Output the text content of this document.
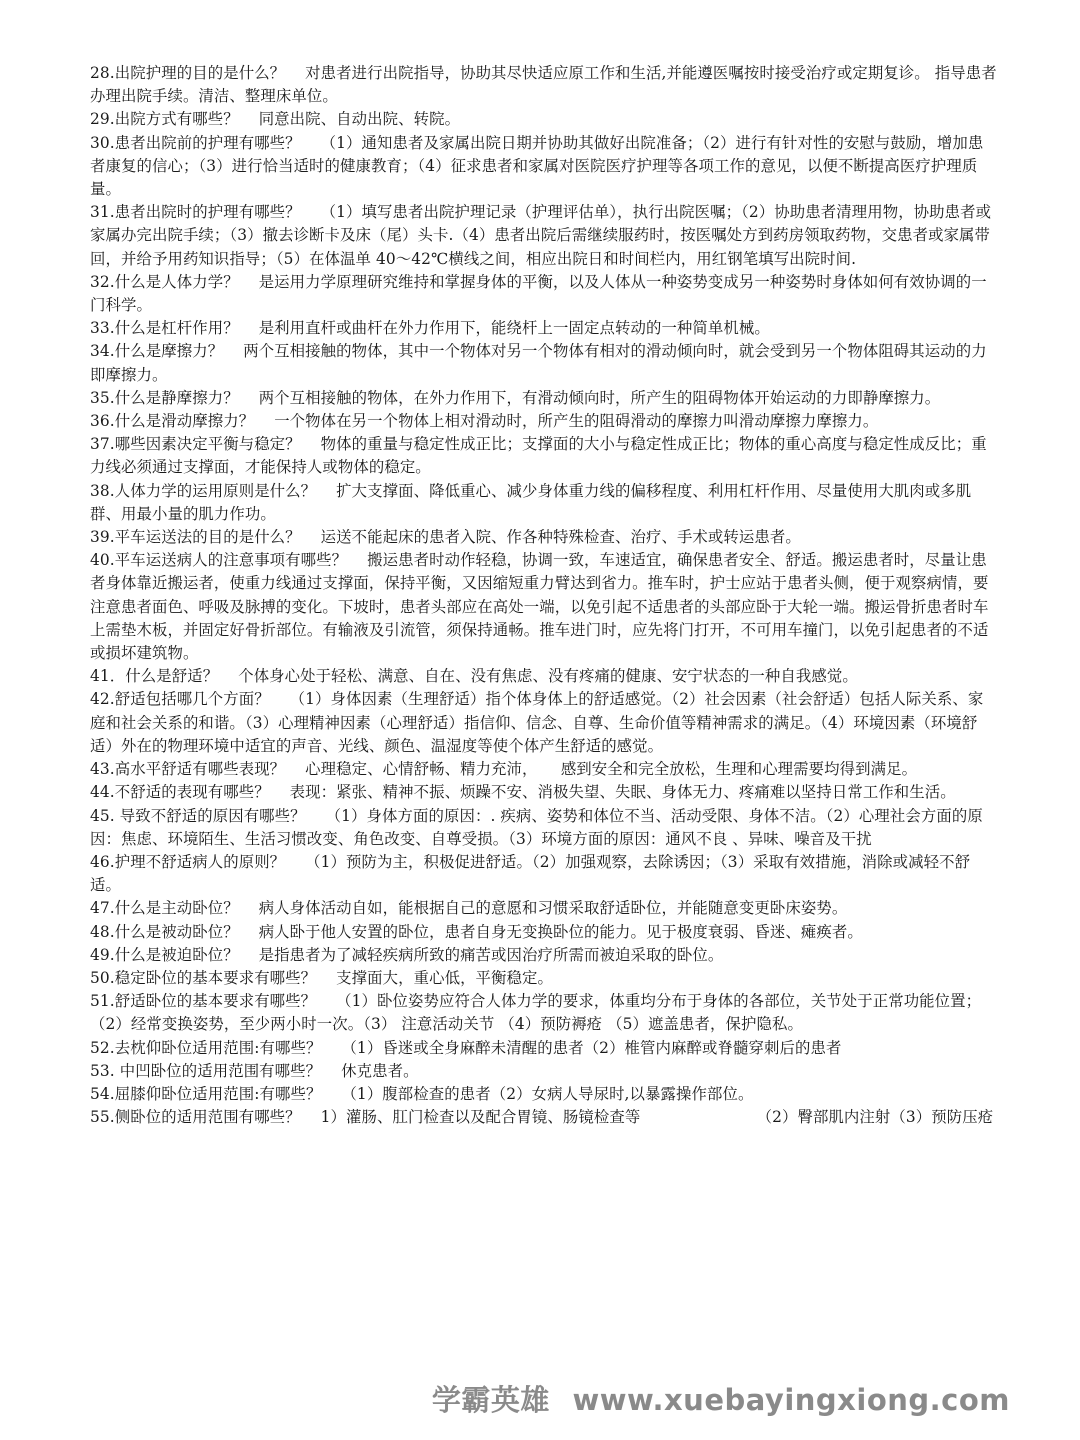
28.出院护理的目的是什么？ 对患者进行出院指导，协助其尽快适应原工作和生活,并能遵医嘱按时接受治疗或定期复诊。 指导患者办理出院手续。清洁、整理床单位。

29.出院方式有哪些？ 同意出院、自动出院、转院。

30.患者出院前的护理有哪些？ （1）通知患者及家属出院日期并协助其做好出院准备；（2）进行有针对性的安慰与鼓励，增加患者康复的信心；（3）进行恰当适时的健康教育；（4）征求患者和家属对医院医疗护理等各项工作的意见，以便不断提高医疗护理质量。

31.患者出院时的护理有哪些？ （1）填写患者出院护理记录（护理评估单），执行出院医嘱；（2）协助患者清理用物，协助患者或家属办完出院手续；（3）撤去诊断卡及床（尾）头卡.（4）患者出院后需继续服药时，按医嘱处方到药房领取药物，交患者或家属带回，并给予用药知识指导；（5）在体温单 40～42℃横线之间，相应出院日和时间栏内，用红钢笔填写出院时间.

32.什么是人体力学？ 是运用力学原理研究维持和掌握身体的平衡，以及人体从一种姿势变成另一种姿势时身体如何有效协调的一门科学。

33.什么是杠杆作用？ 是利用直杆或曲杆在外力作用下，能绕杆上一固定点转动的一种简单机械。

34.什么是摩擦力？ 两个互相接触的物体，其中一个物体对另一个物体有相对的滑动倾向时，就会受到另一个物体阻碍其运动的力即摩擦力。

35.什么是静摩擦力？ 两个互相接触的物体，在外力作用下，有滑动倾向时，所产生的阻碍物体开始运动的力即静摩擦力。

36.什么是滑动摩擦力？ 一个物体在另一个物体上相对滑动时，所产生的阻碍滑动的摩擦力叫滑动摩擦力摩擦力。

37.哪些因素决定平衡与稳定？ 物体的重量与稳定性成正比；支撑面的大小与稳定性成正比；物体的重心高度与稳定性成反比；重力线必须通过支撑面，才能保持人或物体的稳定。

38.人体力学的运用原则是什么？ 扩大支撑面、降低重心、减少身体重力线的偏移程度、利用杠杆作用、尽量使用大肌肉或多肌群、用最小量的肌力作功。

39.平车运送法的目的是什么？ 运送不能起床的患者入院、作各种特殊检查、治疗、手术或转运患者。

40.平车运送病人的注意事项有哪些？ 搬运患者时动作轻稳，协调一致，车速适宜，确保患者安全、舒适。搬运患者时，尽量让患者身体靠近搬运者，使重力线通过支撑面，保持平衡，又因缩短重力臂达到省力。推车时，护士应站于患者头侧，便于观察病情，要注意患者面色、呼吸及脉搏的变化。下坡时，患者头部应在高处一端，以免引起不适患者的头部应卧于大轮一端。搬运骨折患者时车上需垫木板，并固定好骨折部位。有输液及引流管，须保持通畅。推车进门时，应先将门打开，不可用车撞门，以免引起患者的不适或损坏建筑物。

41．什么是舒适？ 个体身心处于轻松、满意、自在、没有焦虑、没有疼痛的健康、安宁状态的一种自我感觉。

42.舒适包括哪几个方面？ （1）身体因素（生理舒适）指个体身体上的舒适感觉。（2）社会因素（社会舒适）包括人际关系、家庭和社会关系的和谐。（3）心理精神因素（心理舒适）指信仰、信念、自尊、生命价值等精神需求的满足。（4）环境因素（环境舒适）外在的物理环境中适宜的声音、光线、颜色、温湿度等使个体产生舒适的感觉。

43.高水平舒适有哪些表现？ 心理稳定、心情舒畅、精力充沛，　　感到安全和完全放松，生理和心理需要均得到满足。

44.不舒适的表现有哪些？ 表现：紧张、精神不振、烦躁不安、消极失望、失眠、身体无力、疼痛难以坚持日常工作和生活。

45. 导致不舒适的原因有哪些？ （1）身体方面的原因：. 疾病、姿势和体位不当、活动受限、身体不洁。（2）心理社会方面的原因：焦虑、环境陌生、生活习惯改变、角色改变、自尊受损。（3）环境方面的原因：通风不良 、异味、噪音及干扰

46.护理不舒适病人的原则？ （1）预防为主，积极促进舒适。（2）加强观察，去除诱因；（3）采取有效措施，消除或减轻不舒适。

47.什么是主动卧位？ 病人身体活动自如，能根据自己的意愿和习惯采取舒适卧位，并能随意变更卧床姿势。

48.什么是被动卧位？ 病人卧于他人安置的卧位，患者自身无变换卧位的能力。见于极度衰弱、昏迷、瘫痪者。

49.什么是被迫卧位？ 是指患者为了减轻疾病所致的痛苦或因治疗所需而被迫采取的卧位。

50.稳定卧位的基本要求有哪些？ 支撑面大，重心低，平衡稳定。

51.舒适卧位的基本要求有哪些？ （1）卧位姿势应符合人体力学的要求，体重均分布于身体的各部位，关节处于正常功能位置；（2）经常变换姿势，至少两小时一次。（3） 注意活动关节 （4）预防褥疮 （5）遮盖患者，保护隐私。

52.去枕仰卧位适用范围:有哪些？ （1）昏迷或全身麻醉未清醒的患者（2）椎管内麻醉或脊髓穿刺后的患者

53. 中凹卧位的适用范围有哪些？ 休克患者。

54.屈膝仰卧位适用范围:有哪些？ （1）腹部检查的患者（2）女病人导尿时,以暴露操作部位。

55.侧卧位的适用范围有哪些？ 1）灌肠、肛门检查以及配合胃镜、肠镜检查等　　　　　　　　（2）臀部肌内注射（3）预防压疮

学霸英雄 www.xuebayingxiong.com
